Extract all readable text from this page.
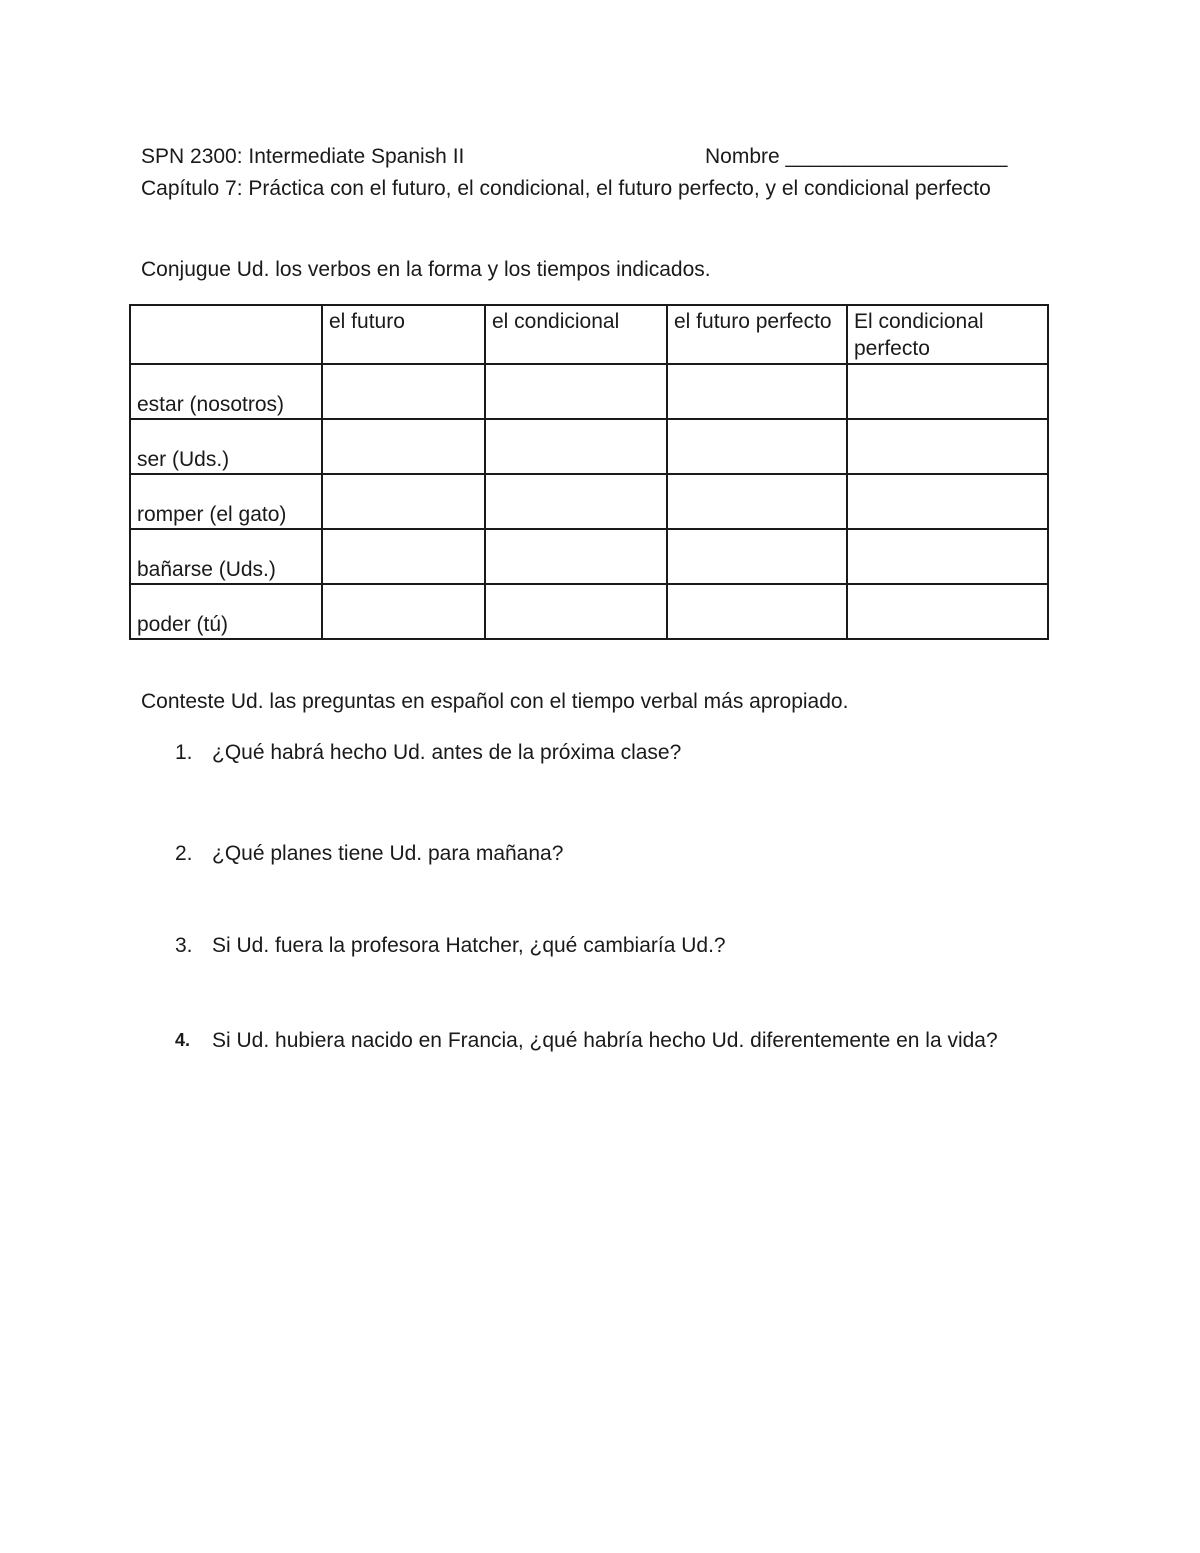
SPN 2300: Intermediate Spanish II	Nombre ___________________
Capítulo 7: Práctica con el futuro, el condicional, el futuro perfecto, y el condicional perfecto
Conjugue Ud. los verbos en la forma y los tiempos indicados.
	el futuro	el condicional	el futuro perfecto	El condicional perfecto
estar (nosotros)				
ser (Uds.)				
romper (el gato)				
bañarse (Uds.)				
poder (tú)				
Conteste Ud. las preguntas en español con el tiempo verbal más apropiado.
1. ¿Qué habrá hecho Ud. antes de la próxima clase?
2. ¿Qué planes tiene Ud. para mañana?
3. Si Ud. fuera la profesora Hatcher, ¿qué cambiaría Ud.?
4. Si Ud. hubiera nacido en Francia, ¿qué habría hecho Ud. diferentemente en la vida?
